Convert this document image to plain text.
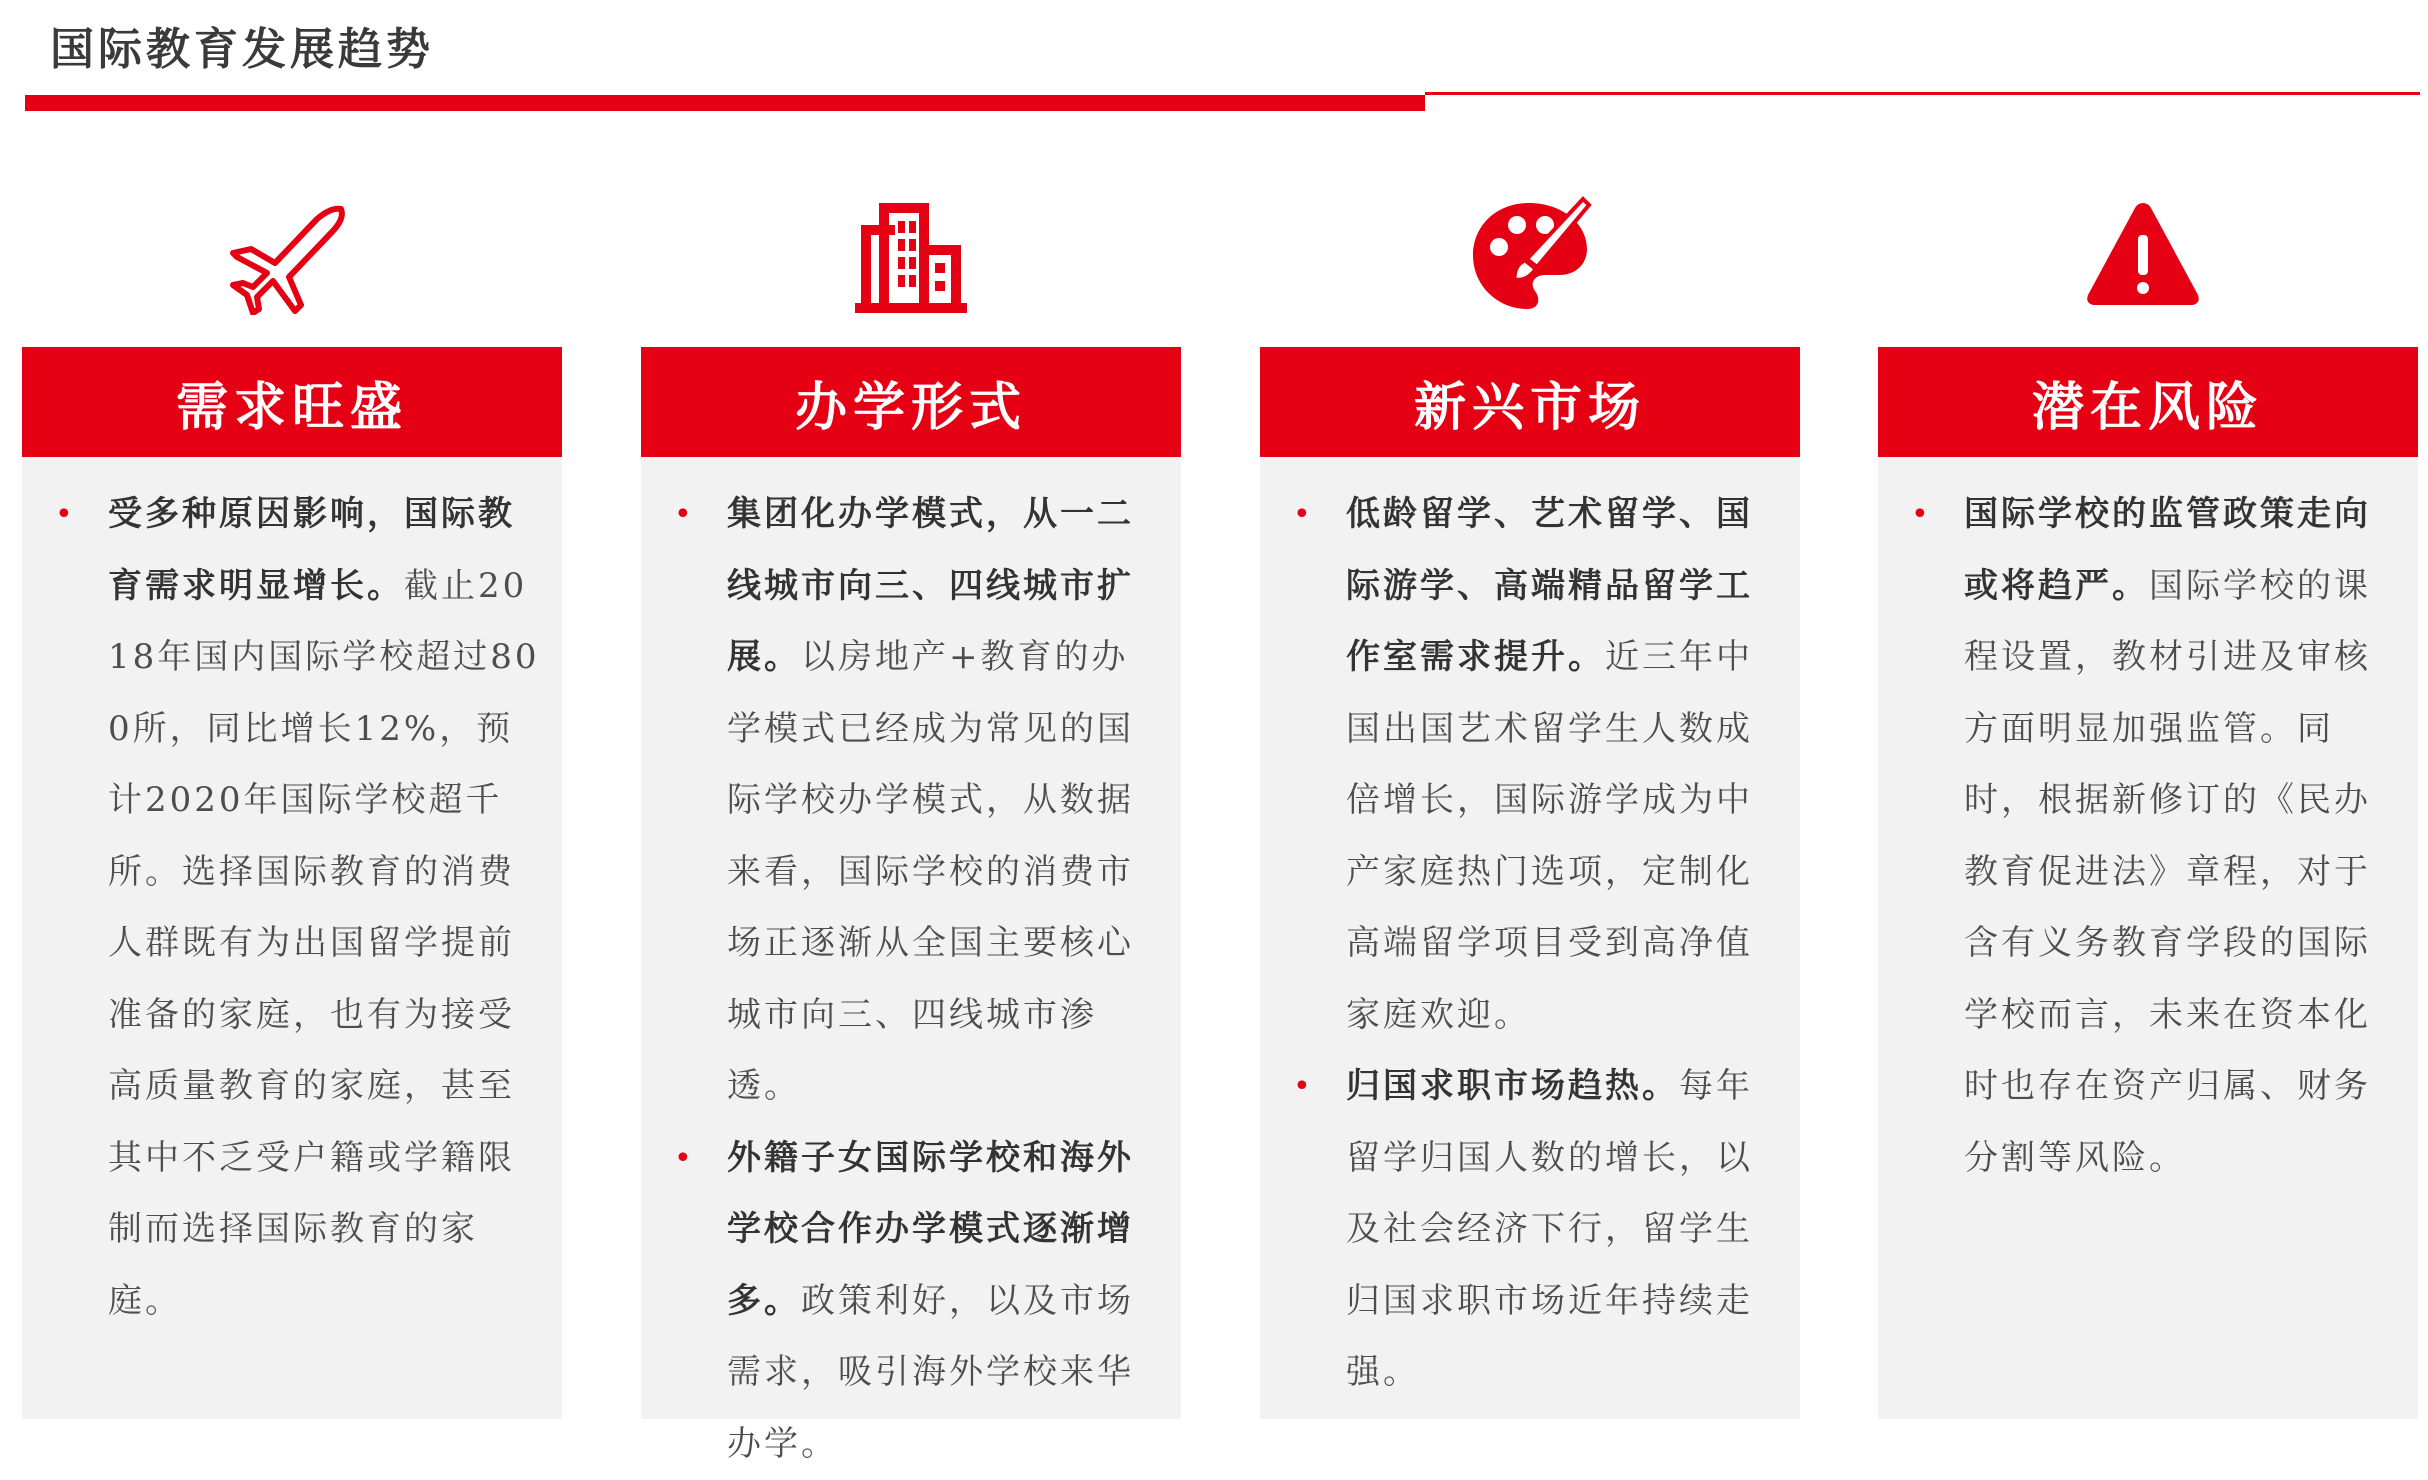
国际教育发展趋势
需求旺盛
• 受多种原因影响，国际教育需求明显增长。截止2018年国内国际学校超过800所，同比增长12%，预计2020年国际学校超千所。选择国际教育的消费人群既有为出国留学提前准备的家庭，也有为接受高质量教育的家庭，甚至其中不乏受户籍或学籍限制而选择国际教育的家庭。
办学形式
• 集团化办学模式，从一二线城市向三、四线城市扩展。以房地产+教育的办学模式已经成为常见的国际学校办学模式，从数据来看，国际学校的消费市场正逐渐从全国主要核心城市向三、四线城市渗透。
• 外籍子女国际学校和海外学校合作办学模式逐渐增多。政策利好，以及市场需求，吸引海外学校来华办学。
新兴市场
• 低龄留学、艺术留学、国际游学、高端精品留学工作室需求提升。近三年中国出国艺术留学生人数成倍增长，国际游学成为中产家庭热门选项，定制化高端留学项目受到高净值家庭欢迎。
• 归国求职市场趋热。每年留学归国人数的增长，以及社会经济下行，留学生归国求职市场近年持续走强。
潜在风险
• 国际学校的监管政策走向或将趋严。国际学校的课程设置，教材引进及审核方面明显加强监管。同时，根据新修订的《民办教育促进法》章程，对于含有义务教育学段的国际学校而言，未来在资本化时也存在资产归属、财务分割等风险。
